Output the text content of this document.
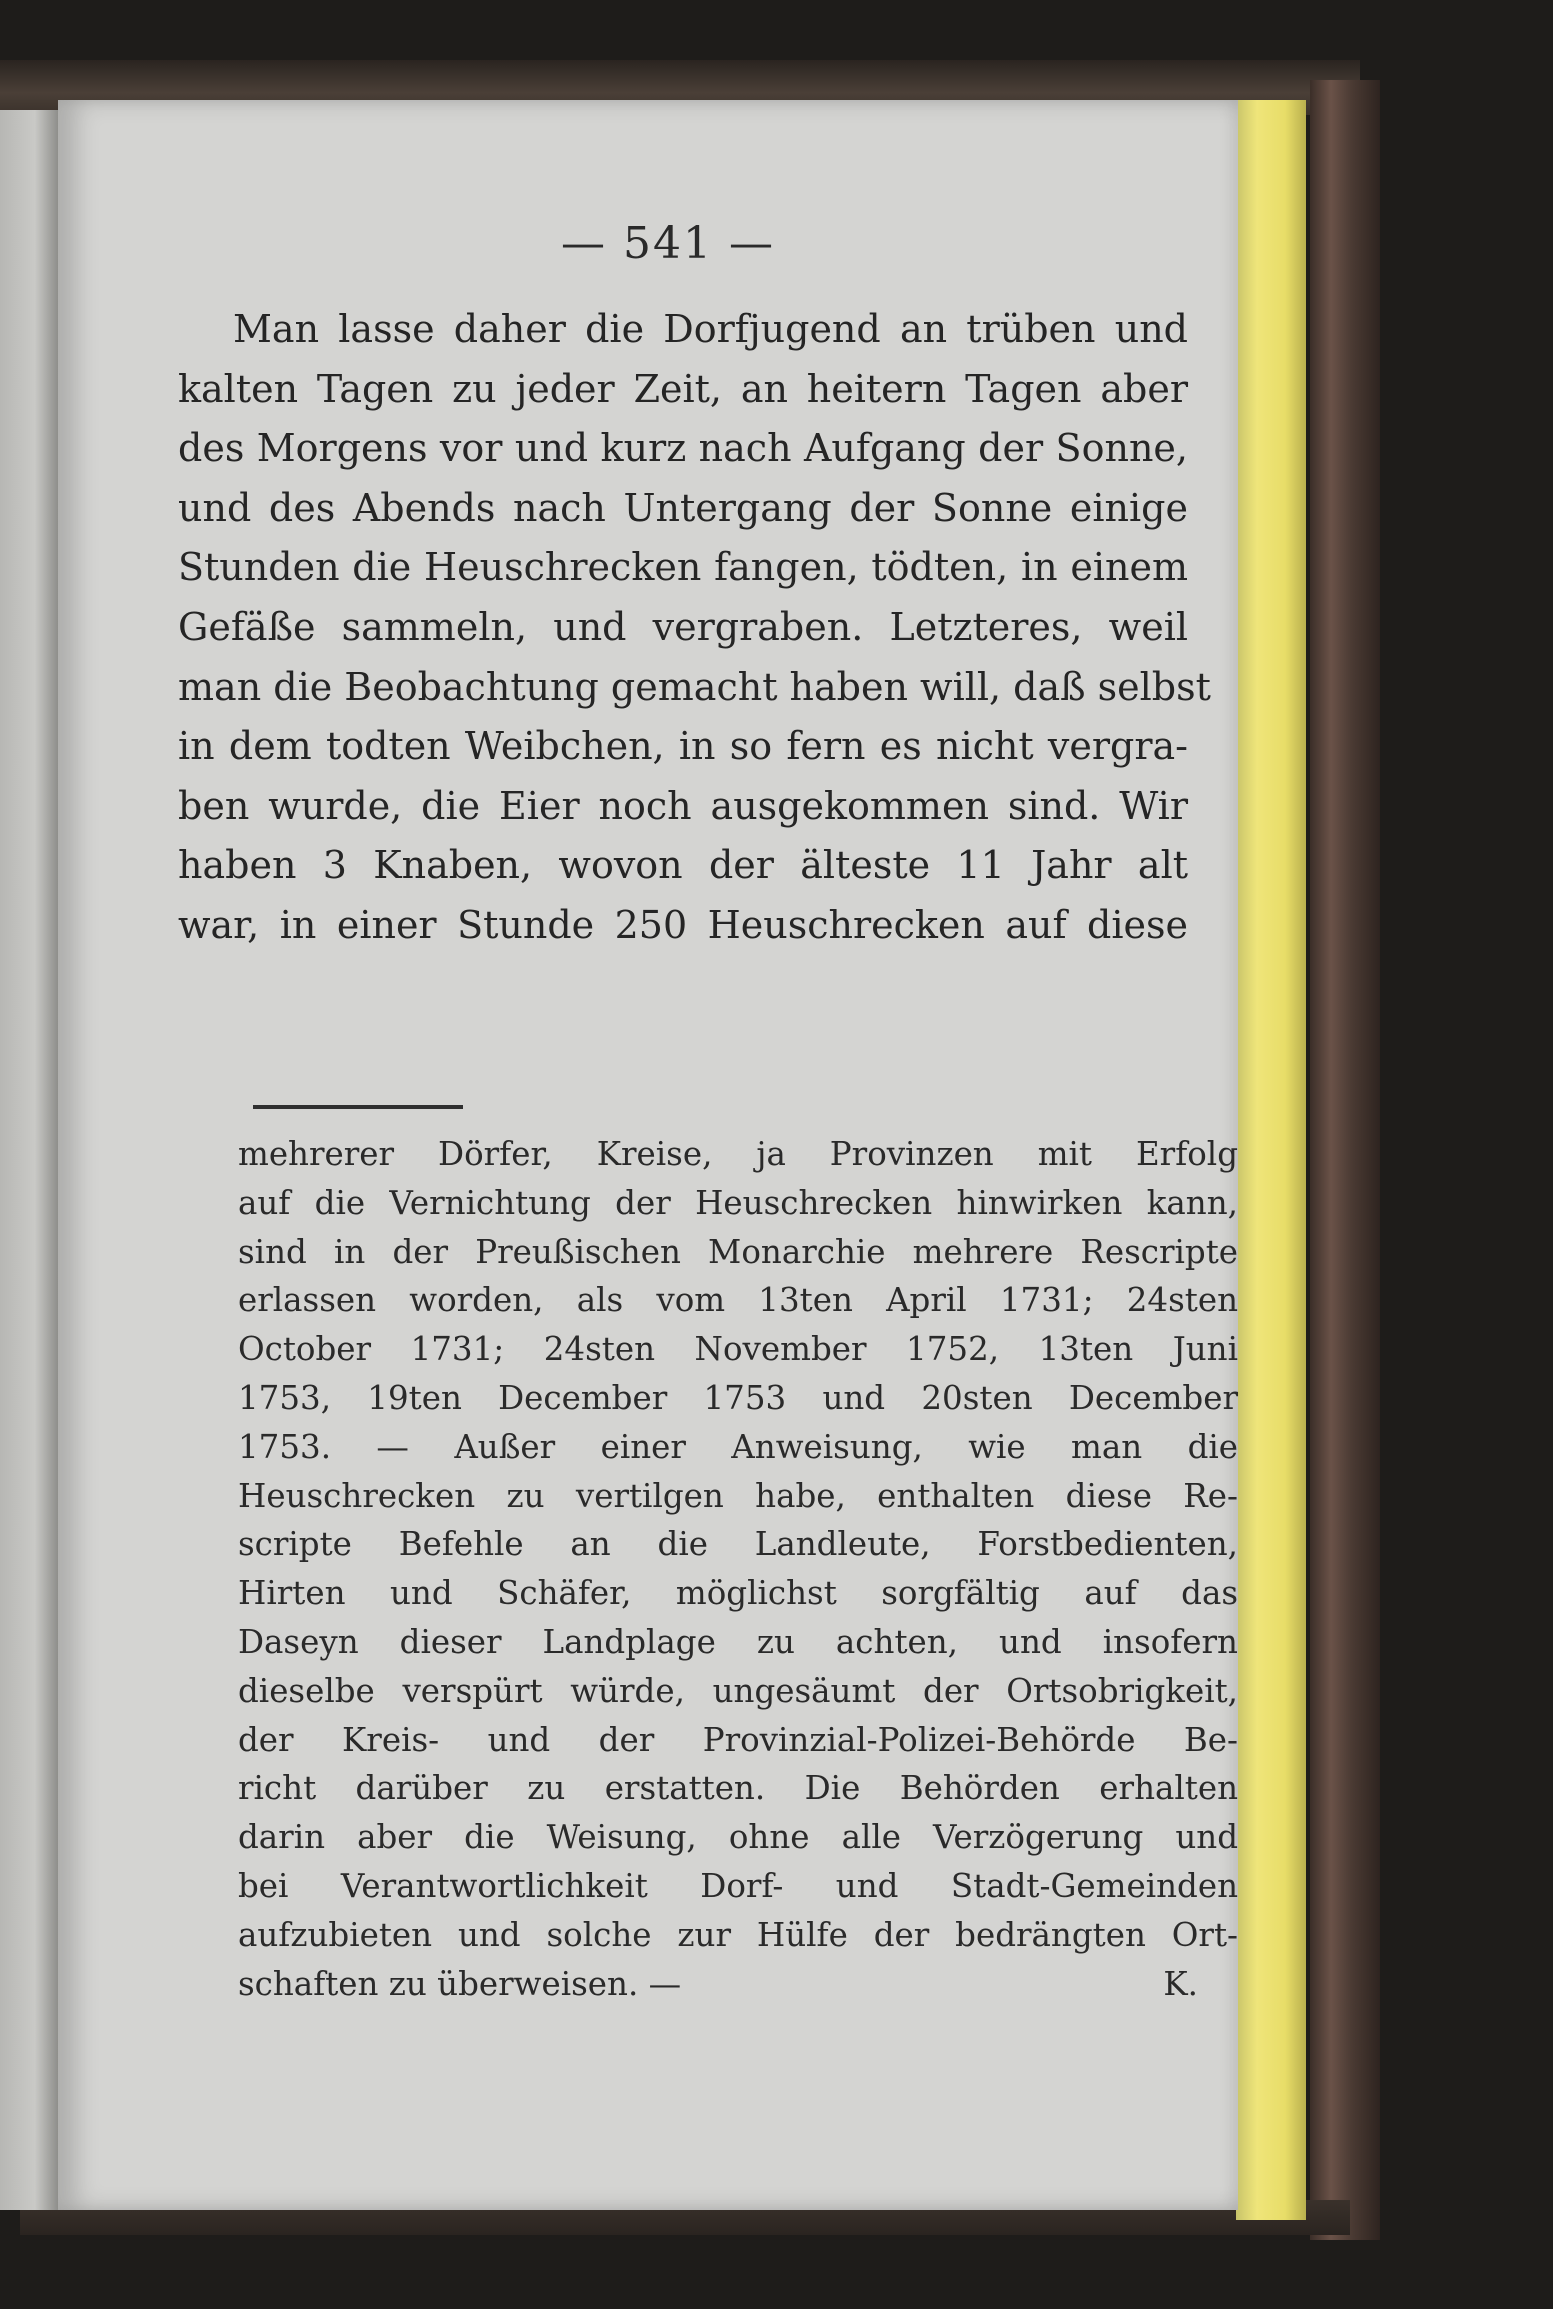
— 541 —
Man lasse daher die Dorfjugend an trüben und
kalten Tagen zu jeder Zeit, an heitern Tagen aber
des Morgens vor und kurz nach Aufgang der Sonne,
und des Abends nach Untergang der Sonne einige
Stunden die Heuschrecken fangen, tödten, in einem
Gefäße sammeln, und vergraben. Letzteres, weil
man die Beobachtung gemacht haben will, daß selbst
in dem todten Weibchen, in so fern es nicht vergra-
ben wurde, die Eier noch ausgekommen sind. Wir
haben 3 Knaben, wovon der älteste 11 Jahr alt
war, in einer Stunde 250 Heuschrecken auf diese
mehrerer Dörfer, Kreise, ja Provinzen mit Erfolg
auf die Vernichtung der Heuschrecken hinwirken kann,
sind in der Preußischen Monarchie mehrere Rescripte
erlassen worden, als vom 13ten April 1731; 24sten
October 1731; 24sten November 1752, 13ten Juni
1753, 19ten December 1753 und 20sten December
1753. — Außer einer Anweisung, wie man die
Heuschrecken zu vertilgen habe, enthalten diese Re-
scripte Befehle an die Landleute, Forstbedienten,
Hirten und Schäfer, möglichst sorgfältig auf das
Daseyn dieser Landplage zu achten, und insofern
dieselbe verspürt würde, ungesäumt der Ortsobrigkeit,
der Kreis- und der Provinzial-Polizei-Behörde Be-
richt darüber zu erstatten. Die Behörden erhalten
darin aber die Weisung, ohne alle Verzögerung und
bei Verantwortlichkeit Dorf- und Stadt-Gemeinden
aufzubieten und solche zur Hülfe der bedrängten Ort-
schaften zu überweisen. —	K.
